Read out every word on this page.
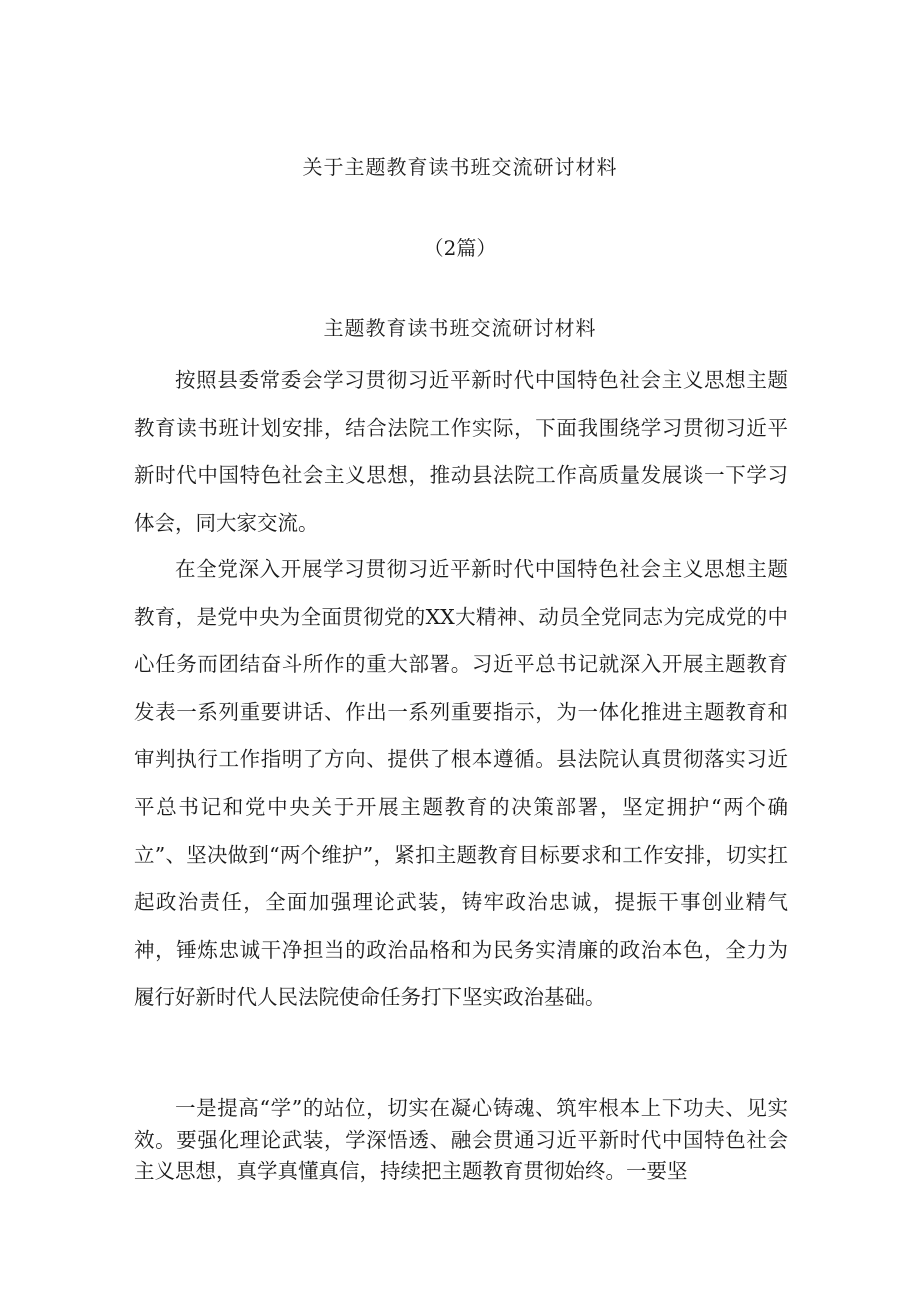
关于主题教育读书班交流研讨材料
（2篇）
主题教育读书班交流研讨材料

按照县委常委会学习贯彻习近平新时代中国特色社会主义思想主题教育读书班计划安排，结合法院工作实际，下面我围绕学习贯彻习近平新时代中国特色社会主义思想，推动县法院工作高质量发展谈一下学习体会，同大家交流。

在全党深入开展学习贯彻习近平新时代中国特色社会主义思想主题教育，是党中央为全面贯彻党的XX大精神、动员全党同志为完成党的中心任务而团结奋斗所作的重大部署。习近平总书记就深入开展主题教育发表一系列重要讲话、作出一系列重要指示，为一体化推进主题教育和审判执行工作指明了方向、提供了根本遵循。县法院认真贯彻落实习近平总书记和党中央关于开展主题教育的决策部署，坚定拥护“两个确立”、坚决做到“两个维护”，紧扣主题教育目标要求和工作安排，切实扛起政治责任，全面加强理论武装，铸牢政治忠诚，提振干事创业精气神，锤炼忠诚干净担当的政治品格和为民务实清廉的政治本色，全力为履行好新时代人民法院使命任务打下坚实政治基础。

一是提高“学”的站位，切实在凝心铸魂、筑牢根本上下功夫、见实效。要强化理论武装，学深悟透、融会贯通习近平新时代中国特色社会主义思想，真学真懂真信，持续把主题教育贯彻始终。一要坚
